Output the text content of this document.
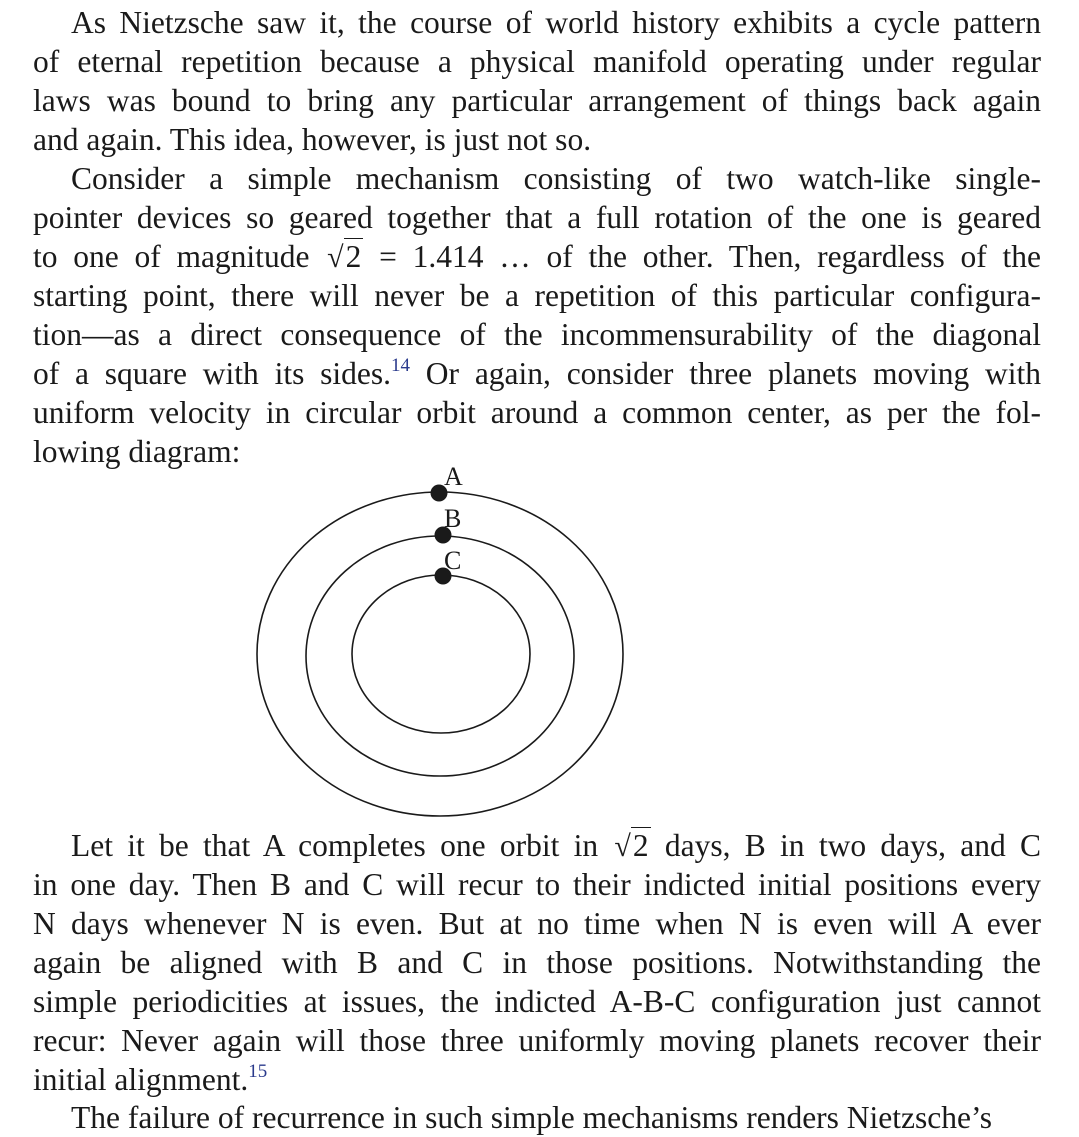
As Nietzsche saw it, the course of world history exhibits a cycle pattern
of eternal repetition because a physical manifold operating under regular
laws was bound to bring any particular arrangement of things back again
and again. This idea, however, is just not so.
Consider a simple mechanism consisting of two watch-like single-
pointer devices so geared together that a full rotation of the one is geared
to one of magnitude √2 = 1.414 … of the other. Then, regardless of the
starting point, there will never be a repetition of this particular configura-
tion—as a direct consequence of the incommensurability of the diagonal
of a square with its sides.$^{14}$ Or again, consider three planets moving with
uniform velocity in circular orbit around a common center, as per the fol-
lowing diagram:
A
B
C
Let it be that A completes one orbit in √2 days, B in two days, and C
in one day. Then B and C will recur to their indicted initial positions every
N days whenever N is even. But at no time when N is even will A ever
again be aligned with B and C in those positions. Notwithstanding the
simple periodicities at issues, the indicted A-B-C configuration just cannot
recur: Never again will those three uniformly moving planets recover their
initial alignment.$^{15}$
The failure of recurrence in such simple mechanisms renders Nietzsche’s
